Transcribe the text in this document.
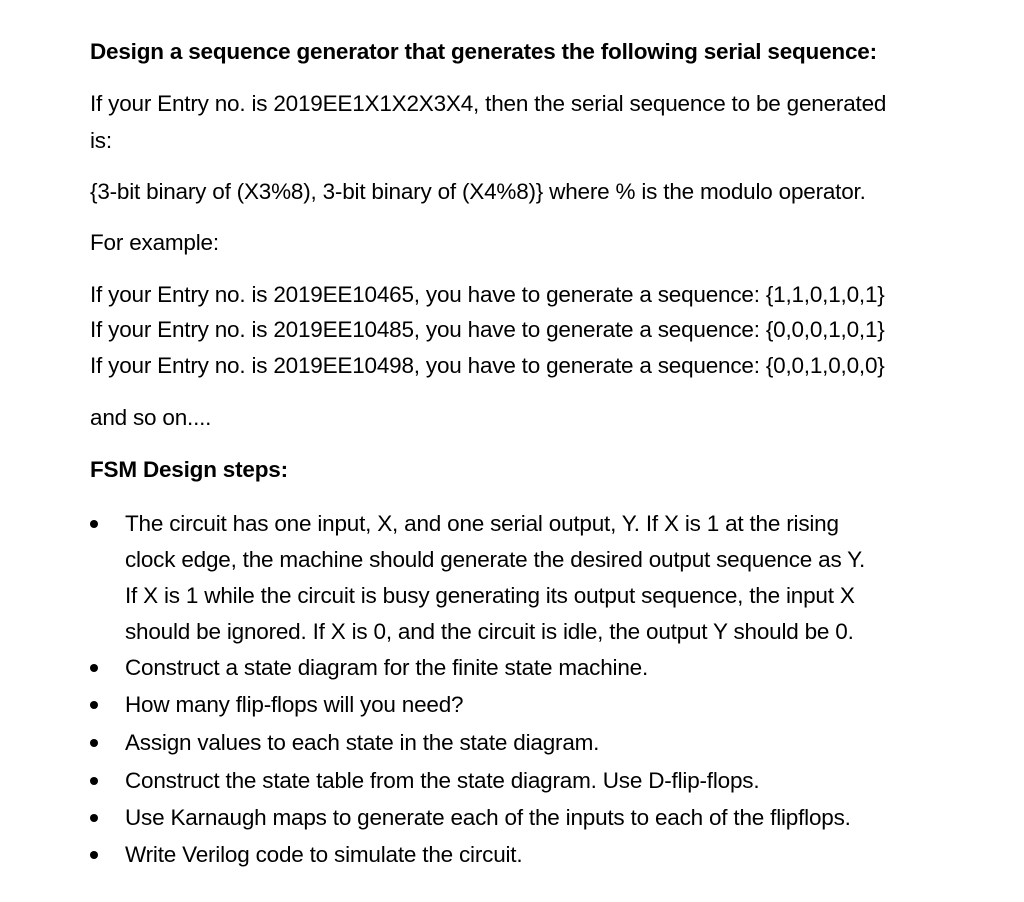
Design a sequence generator that generates the following serial sequence:
If your Entry no. is 2019EE1X1X2X3X4, then the serial sequence to be generated
is:
{3-bit binary of (X3%8), 3-bit binary of (X4%8)} where % is the modulo operator.
For example:
If your Entry no. is 2019EE10465, you have to generate a sequence: {1,1,0,1,0,1}
If your Entry no. is 2019EE10485, you have to generate a sequence: {0,0,0,1,0,1}
If your Entry no. is 2019EE10498, you have to generate a sequence: {0,0,1,0,0,0}
and so on....
FSM Design steps:
The circuit has one input, X, and one serial output, Y. If X is 1 at the rising
clock edge, the machine should generate the desired output sequence as Y.
If X is 1 while the circuit is busy generating its output sequence, the input X
should be ignored. If X is 0, and the circuit is idle, the output Y should be 0.
Construct a state diagram for the finite state machine.
How many flip-flops will you need?
Assign values to each state in the state diagram.
Construct the state table from the state diagram. Use D-flip-flops.
Use Karnaugh maps to generate each of the inputs to each of the flipflops.
Write Verilog code to simulate the circuit.
